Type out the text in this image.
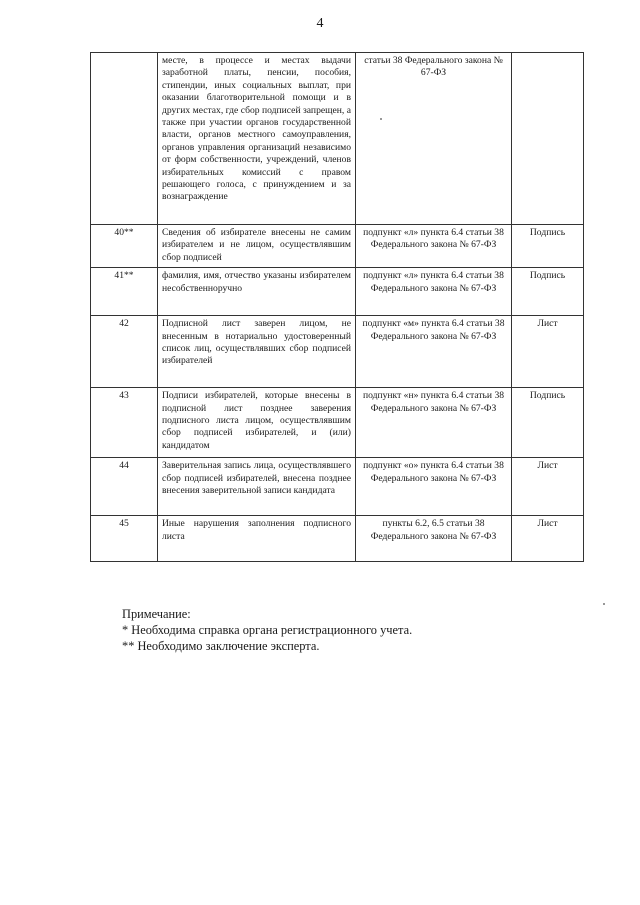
4
	месте, в процессе и местах выдачи заработной платы, пенсии, пособия, стипендии, иных социальных выплат, при оказании благотворительной помощи и в других местах, где сбор подписей запрещен, а также при участии органов государственной власти, органов местного самоуправления, органов управления организаций независимо от форм собственности, учреждений, членов избирательных комиссий с правом решающего голоса, с принуждением и за вознаграждение	статьи 38 Федерального закона № 67-ФЗ	
40**	Сведения об избирателе внесены не самим избирателем и не лицом, осуществлявшим сбор подписей	подпункт «л» пункта 6.4 статьи 38 Федерального закона № 67-ФЗ	Подпись
41**	фамилия, имя, отчество указаны избирателем несобственноручно	подпункт «л» пункта 6.4 статьи 38 Федерального закона № 67-ФЗ	Подпись
42	Подписной лист заверен лицом, не внесенным в нотариально удостоверенный список лиц, осуществлявших сбор подписей избирателей	подпункт «м» пункта 6.4 статьи 38 Федерального закона № 67-ФЗ	Лист
43	Подписи избирателей, которые внесены в подписной лист позднее заверения подписного листа лицом, осуществлявшим сбор подписей избирателей, и (или) кандидатом	подпункт «н» пункта 6.4 статьи 38 Федерального закона № 67-ФЗ	Подпись
44	Заверительная запись лица, осуществлявшего сбор подписей избирателей, внесена позднее внесения заверительной записи кандидата	подпункт «о» пункта 6.4 статьи 38 Федерального закона № 67-ФЗ	Лист
45	Иные нарушения заполнения подписного листа	пункты 6.2, 6.5 статьи 38 Федерального закона № 67-ФЗ	Лист
Примечание:
* Необходима справка органа регистрационного учета.
** Необходимо заключение эксперта.
